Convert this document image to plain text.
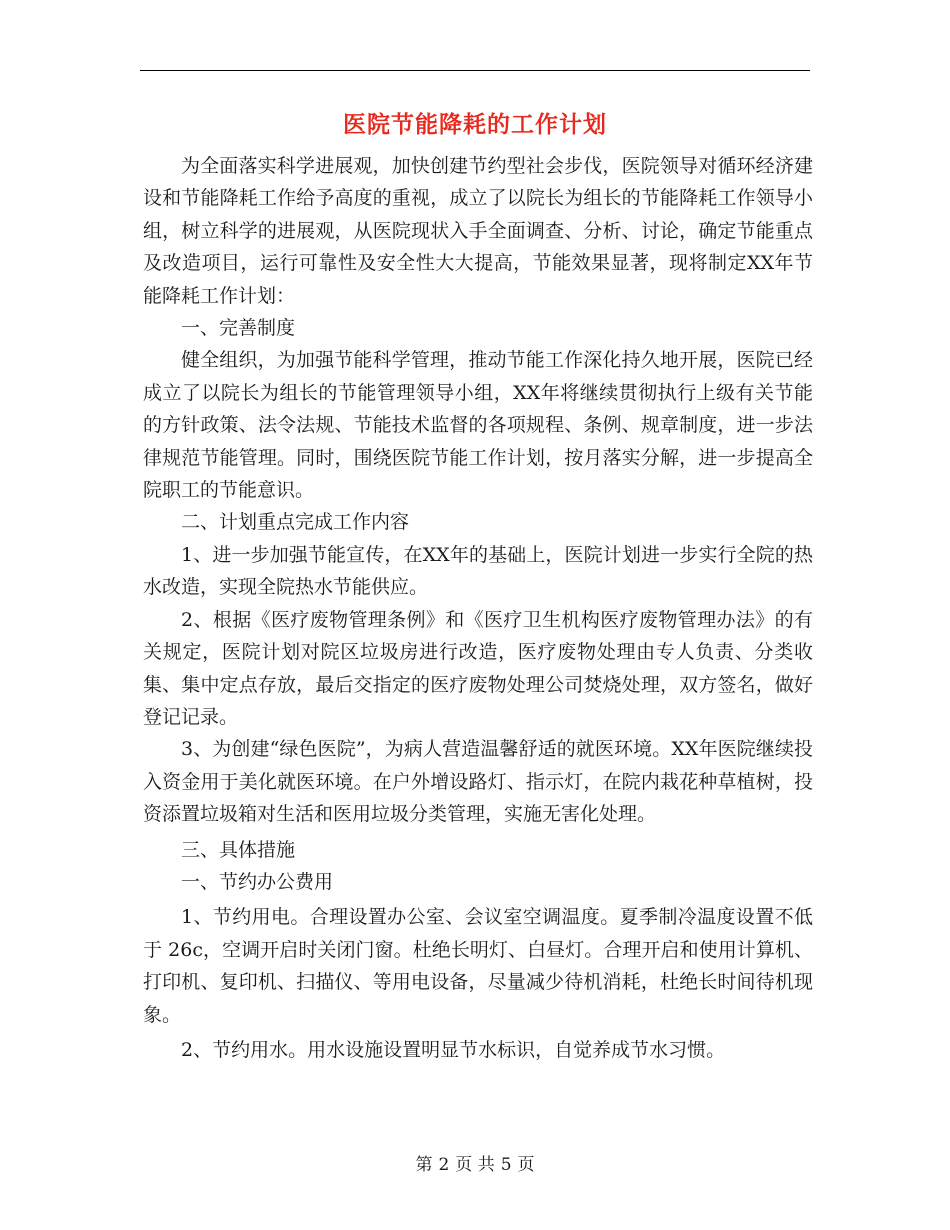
医院节能降耗的工作计划

为全面落实科学进展观，加快创建节约型社会步伐，医院领导对循环经济建设和节能降耗工作给予高度的重视，成立了以院长为组长的节能降耗工作领导小组，树立科学的进展观，从医院现状入手全面调查、分析、讨论，确定节能重点及改造项目，运行可靠性及安全性大大提高，节能效果显著，现将制定XX年节能降耗工作计划：

一、完善制度

健全组织，为加强节能科学管理，推动节能工作深化持久地开展，医院已经成立了以院长为组长的节能管理领导小组，XX年将继续贯彻执行上级有关节能的方针政策、法令法规、节能技术监督的各项规程、条例、规章制度，进一步法律规范节能管理。同时，围绕医院节能工作计划，按月落实分解，进一步提高全院职工的节能意识。

二、计划重点完成工作内容

1、进一步加强节能宣传，在XX年的基础上，医院计划进一步实行全院的热水改造，实现全院热水节能供应。

2、根据《医疗废物管理条例》和《医疗卫生机构医疗废物管理办法》的有关规定，医院计划对院区垃圾房进行改造，医疗废物处理由专人负责、分类收集、集中定点存放，最后交指定的医疗废物处理公司焚烧处理，双方签名，做好登记记录。

3、为创建“绿色医院”，为病人营造温馨舒适的就医环境。XX年医院继续投入资金用于美化就医环境。在户外增设路灯、指示灯，在院内栽花种草植树，投资添置垃圾箱对生活和医用垃圾分类管理，实施无害化处理。

三、具体措施

一、节约办公费用

1、节约用电。合理设置办公室、会议室空调温度。夏季制冷温度设置不低于 26c，空调开启时关闭门窗。杜绝长明灯、白昼灯。合理开启和使用计算机、打印机、复印机、扫描仪、等用电设备，尽量减少待机消耗，杜绝长时间待机现象。

2、节约用水。用水设施设置明显节水标识，自觉养成节水习惯。

第 2 页 共 5 页
